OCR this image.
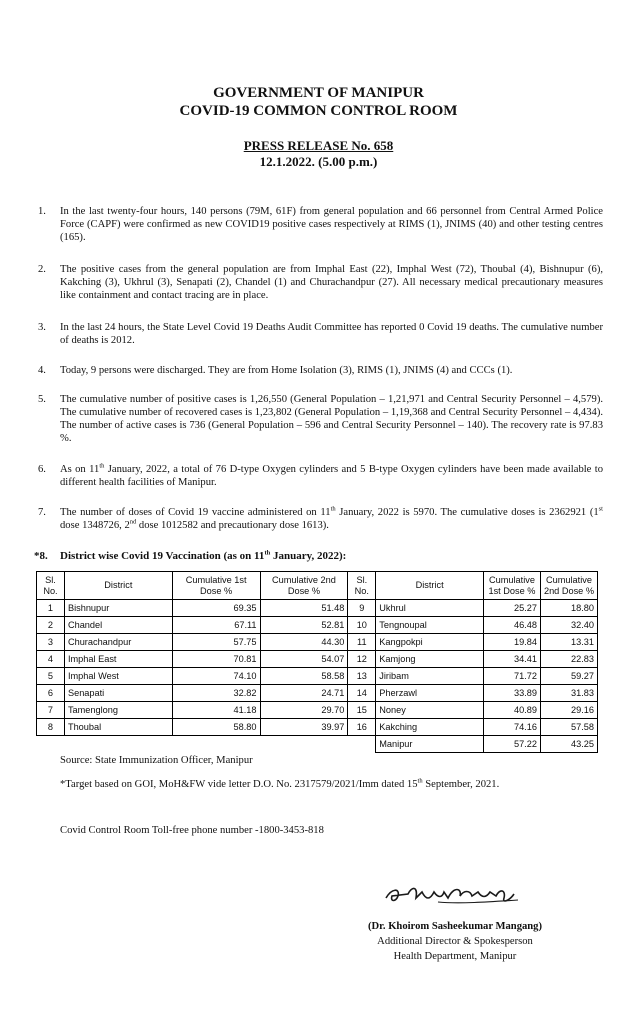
GOVERNMENT OF MANIPUR
COVID-19 COMMON CONTROL ROOM
PRESS RELEASE No. 658
12.1.2022. (5.00 p.m.)
1. In the last twenty-four hours, 140 persons (79M, 61F) from general population and 66 personnel from Central Armed Police Force (CAPF) were confirmed as new COVID19 positive cases respectively at RIMS (1), JNIMS (40) and other testing centres (165).
2. The positive cases from the general population are from Imphal East (22), Imphal West (72), Thoubal (4), Bishnupur (6), Kakching (3), Ukhrul (3), Senapati (2), Chandel (1) and Churachandpur (27). All necessary medical precautionary measures like containment and contact tracing are in place.
3. In the last 24 hours, the State Level Covid 19 Deaths Audit Committee has reported 0 Covid 19 deaths. The cumulative number of deaths is 2012.
4. Today, 9 persons were discharged. They are from Home Isolation (3), RIMS (1), JNIMS (4) and CCCs (1).
5. The cumulative number of positive cases is 1,26,550 (General Population – 1,21,971 and Central Security Personnel – 4,579). The cumulative number of recovered cases is 1,23,802 (General Population – 1,19,368 and Central Security Personnel – 4,434). The number of active cases is 736 (General Population – 596 and Central Security Personnel – 140). The recovery rate is 97.83 %.
6. As on 11th January, 2022, a total of 76 D-type Oxygen cylinders and 5 B-type Oxygen cylinders have been made available to different health facilities of Manipur.
7. The number of doses of Covid 19 vaccine administered on 11th January, 2022 is 5970. The cumulative doses is 2362921 (1st dose 1348726, 2nd dose 1012582 and precautionary dose 1613).
*8. District wise Covid 19 Vaccination (as on 11th January, 2022):
Sl. No.	District	Cumulative 1st Dose %	Cumulative 2nd Dose %	Sl. No.	District	Cumulative 1st Dose %	Cumulative 2nd Dose %
1	Bishnupur	69.35	51.48	9	Ukhrul	25.27	18.80
2	Chandel	67.11	52.81	10	Tengnoupal	46.48	32.40
3	Churachandpur	57.75	44.30	11	Kangpokpi	19.84	13.31
4	Imphal East	70.81	54.07	12	Kamjong	34.41	22.83
5	Imphal West	74.10	58.58	13	Jiribam	71.72	59.27
6	Senapati	32.82	24.71	14	Pherzawl	33.89	31.83
7	Tamenglong	41.18	29.70	15	Noney	40.89	29.16
8	Thoubal	58.80	39.97	16	Kakching	74.16	57.58
					Manipur	57.22	43.25
Source: State Immunization Officer, Manipur
*Target based on GOI, MoH&FW vide letter D.O. No. 2317579/2021/Imm dated 15th September, 2021.
Covid Control Room Toll-free phone number -1800-3453-818
(Dr. Khoirom Sasheekumar Mangang)
Additional Director & Spokesperson
Health Department, Manipur
